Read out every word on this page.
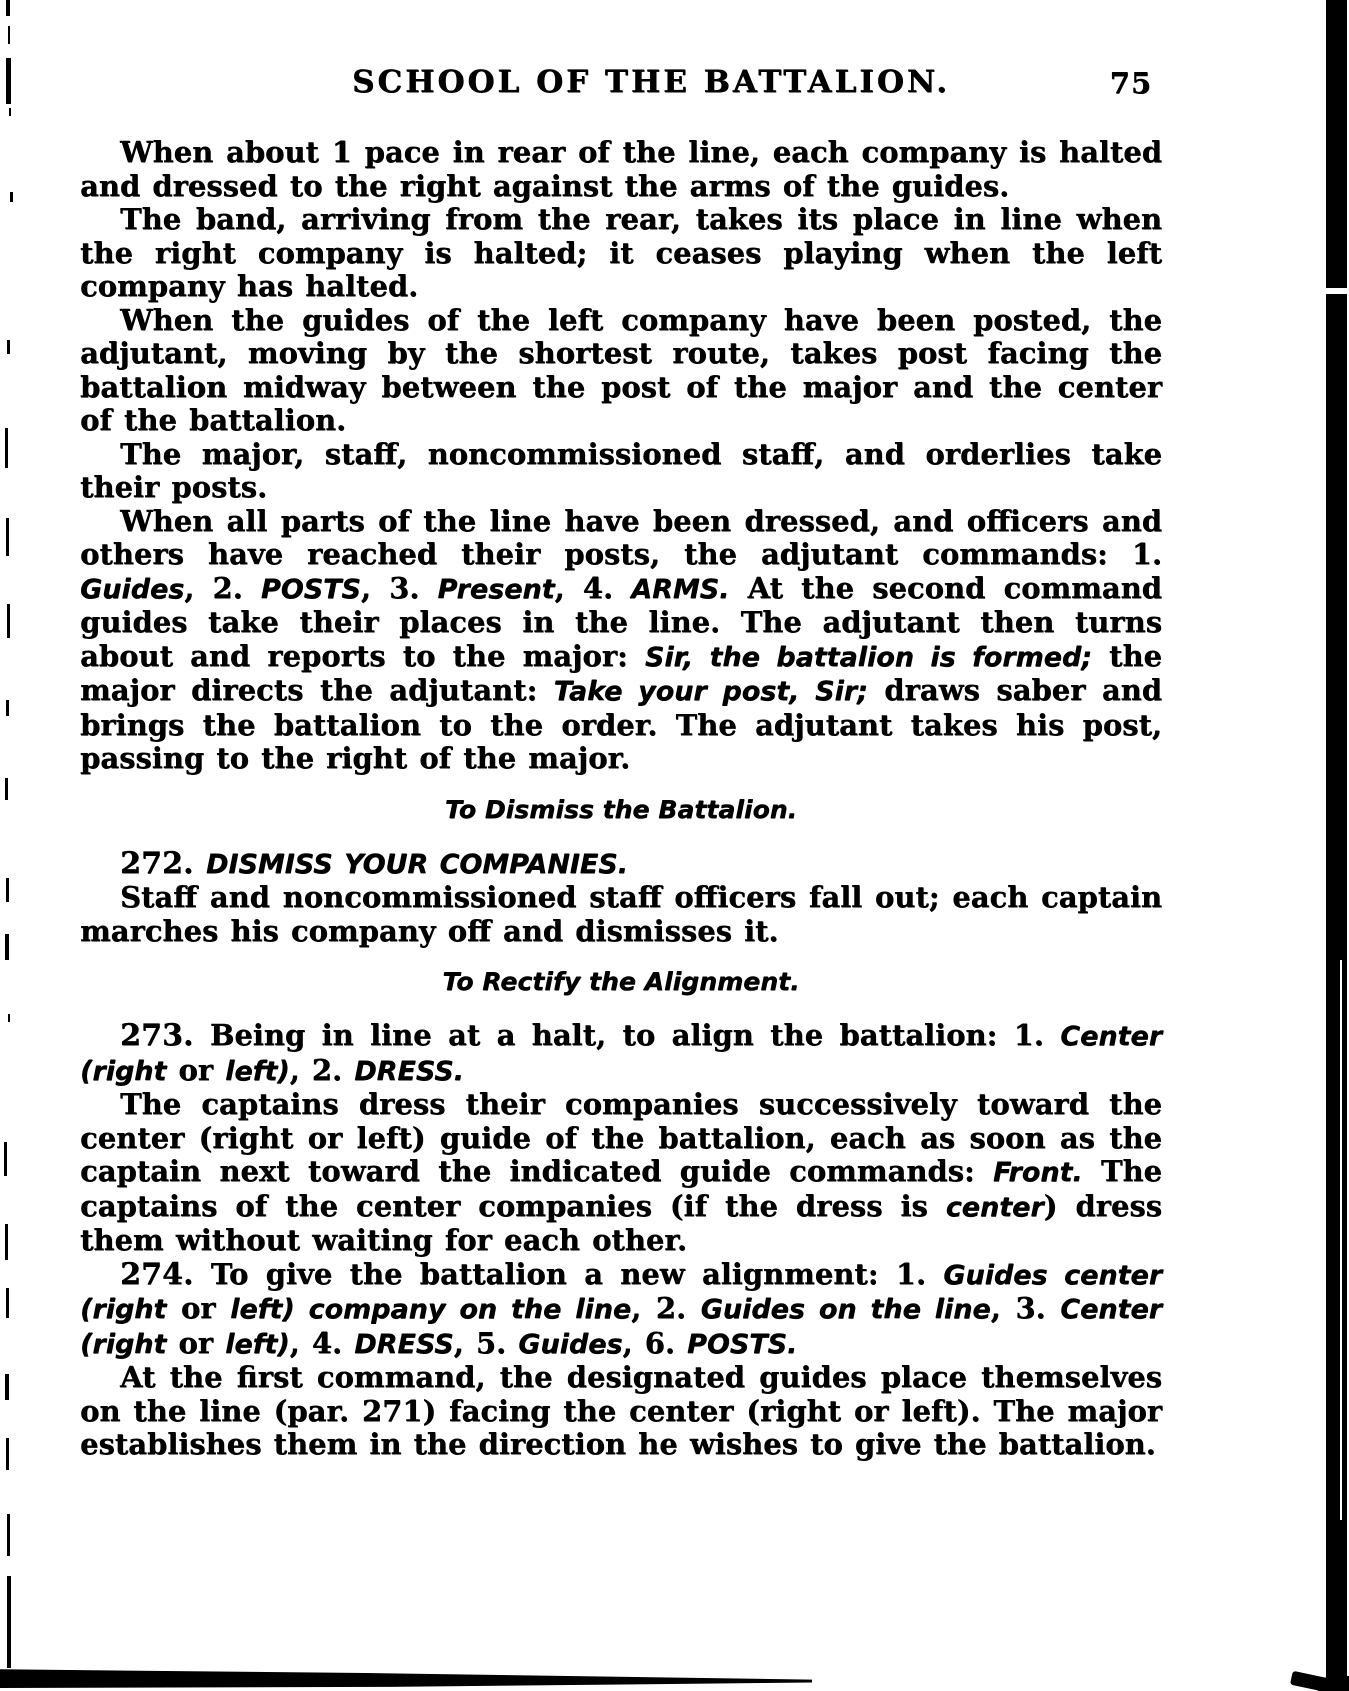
SCHOOL OF THE BATTALION.	75

When about 1 pace in rear of the line, each company is halted and dressed to the right against the arms of the guides.

The band, arriving from the rear, takes its place in line when the right company is halted; it ceases playing when the left company has halted.

When the guides of the left company have been posted, the adjutant, moving by the shortest route, takes post facing the battalion midway between the post of the major and the center of the battalion.

The major, staff, noncommissioned staff, and orderlies take their posts.

When all parts of the line have been dressed, and officers and others have reached their posts, the adjutant commands: 1. Guides, 2. POSTS, 3. Present, 4. ARMS. At the second command guides take their places in the line. The adjutant then turns about and reports to the major: Sir, the battalion is formed; the major directs the adjutant: Take your post, Sir; draws saber and brings the battalion to the order. The adjutant takes his post, passing to the right of the major.

To Dismiss the Battalion.

272. DISMISS YOUR COMPANIES.

Staff and noncommissioned staff officers fall out; each captain marches his company off and dismisses it.

To Rectify the Alignment.

273. Being in line at a halt, to align the battalion: 1. Center (right or left), 2. DRESS.

The captains dress their companies successively toward the center (right or left) guide of the battalion, each as soon as the captain next toward the indicated guide commands: Front. The captains of the center companies (if the dress is center) dress them without waiting for each other.

274. To give the battalion a new alignment: 1. Guides center (right or left) company on the line, 2. Guides on the line, 3. Center (right or left), 4. DRESS, 5. Guides, 6. POSTS.

At the first command, the designated guides place themselves on the line (par. 271) facing the center (right or left). The major establishes them in the direction he wishes to give the battalion.
